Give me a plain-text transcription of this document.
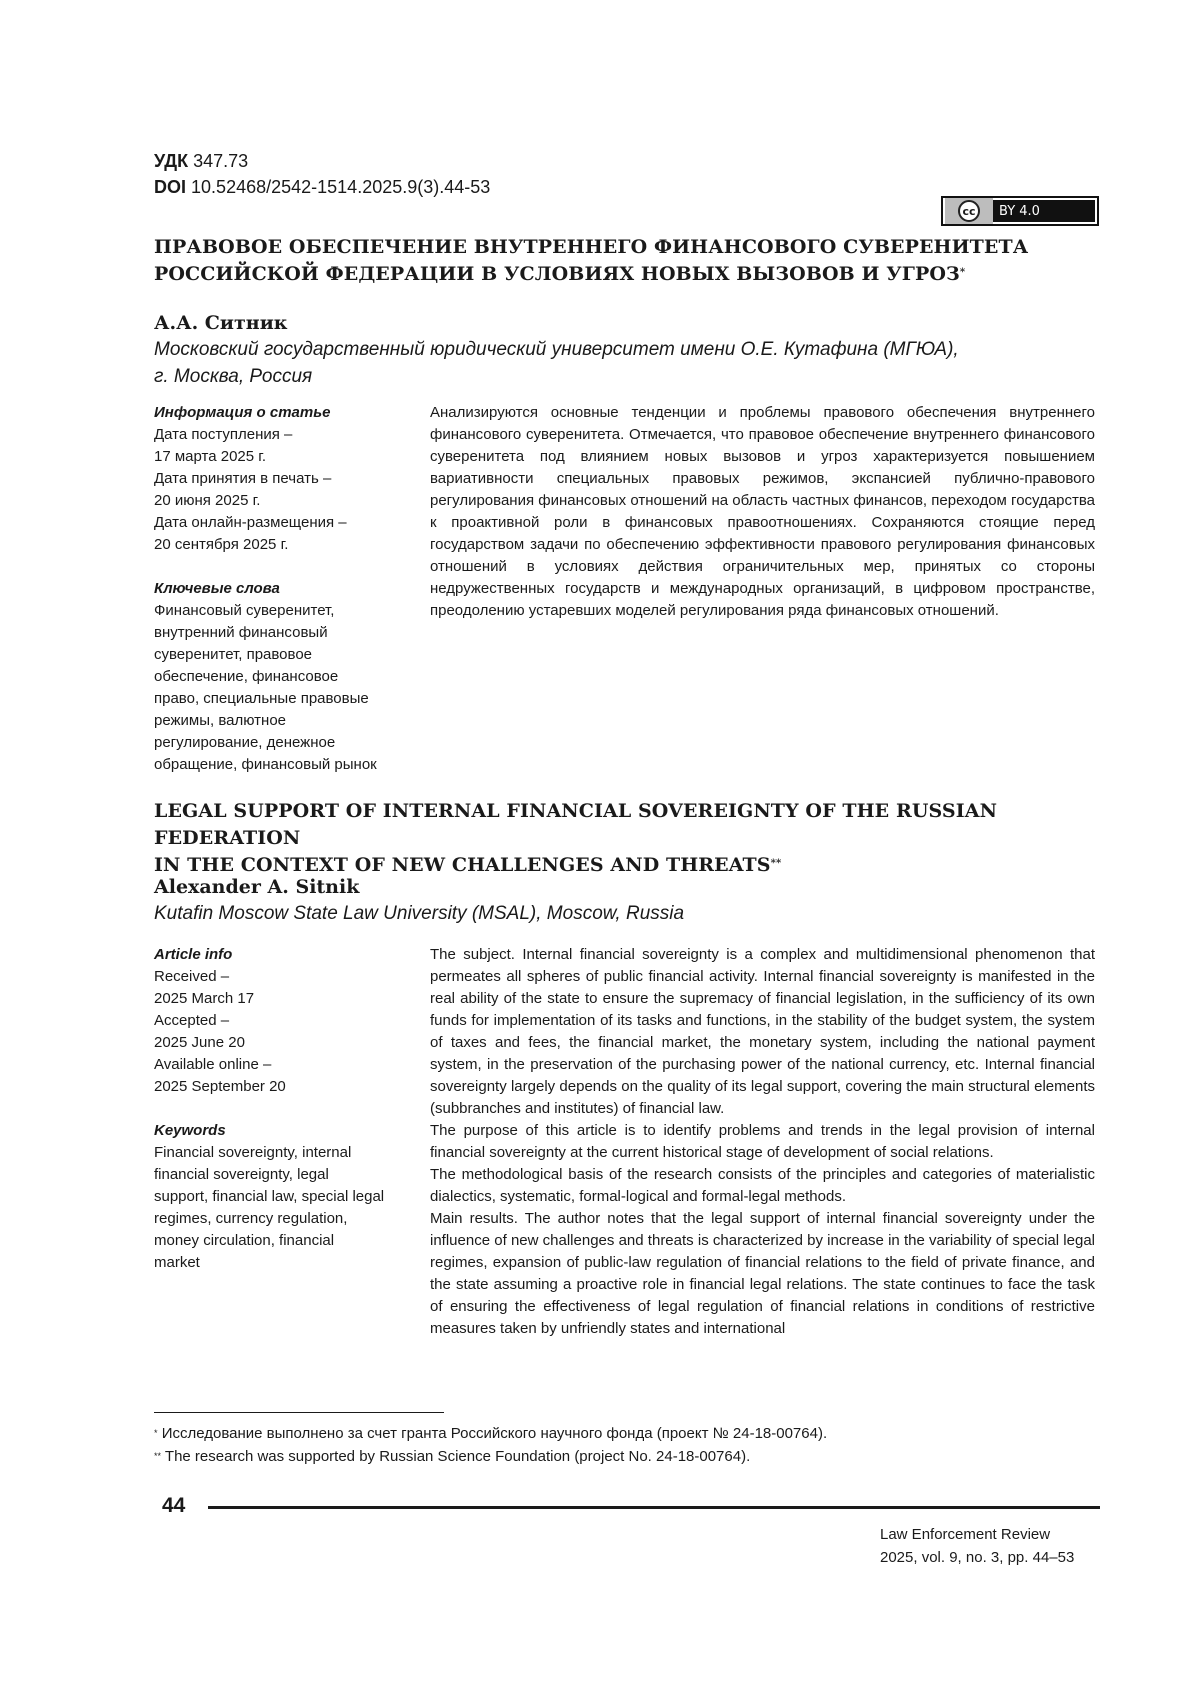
УДК 347.73
DOI 10.52468/2542-1514.2025.9(3).44-53
cc	BY 4.0
ПРАВОВОЕ ОБЕСПЕЧЕНИЕ ВНУТРЕННЕГО ФИНАНСОВОГО СУВЕРЕНИТЕТА
РОССИЙСКОЙ ФЕДЕРАЦИИ В УСЛОВИЯХ НОВЫХ ВЫЗОВОВ И УГРОЗ*
А.А. Ситник
Московский государственный юридический университет имени О.Е. Кутафина (МГЮА),
г. Москва, Россия
Информация о статье
Дата поступления –
17 марта 2025 г.
Дата принятия в печать –
20 июня 2025 г.
Дата онлайн-размещения –
20 сентября 2025 г.
Ключевые слова
Финансовый суверенитет,
внутренний финансовый
суверенитет, правовое
обеспечение, финансовое
право, специальные правовые
режимы, валютное
регулирование, денежное
обращение, финансовый рынок

Анализируются основные тенденции и проблемы правового обеспечения внутреннего финансового суверенитета. Отмечается, что правовое обеспечение внутреннего финансового суверенитета под влиянием новых вызовов и угроз характеризуется повышением вариативности специальных правовых режимов, экспансией публично-правового регулирования финансовых отношений на область частных финансов, переходом государства к проактивной роли в финансовых правоотношениях. Сохраняются стоящие перед государством задачи по обеспечению эффективности правового регулирования финансовых отношений в условиях действия ограничительных мер, принятых со стороны недружественных государств и международных организаций, в цифровом пространстве, преодолению устаревших моделей регулирования ряда финансовых отношений.

LEGAL SUPPORT OF INTERNAL FINANCIAL SOVEREIGNTY OF THE RUSSIAN FEDERATION
IN THE CONTEXT OF NEW CHALLENGES AND THREATS**
Alexander A. Sitnik
Kutafin Moscow State Law University (MSAL), Moscow, Russia
Article info
Received –
2025 March 17
Accepted –
2025 June 20
Available online –
2025 September 20
Keywords
Financial sovereignty, internal
financial sovereignty, legal
support, financial law, special legal
regimes, currency regulation,
money circulation, financial
market

The subject. Internal financial sovereignty is a complex and multidimensional phenomenon that permeates all spheres of public financial activity. Internal financial sovereignty is manifested in the real ability of the state to ensure the supremacy of financial legislation, in the sufficiency of its own funds for implementation of its tasks and functions, in the stability of the budget system, the system of taxes and fees, the financial market, the monetary system, including the national payment system, in the preservation of the purchasing power of the national currency, etc. Internal financial sovereignty largely depends on the quality of its legal support, covering the main structural elements (subbranches and institutes) of financial law.

The purpose of this article is to identify problems and trends in the legal provision of internal financial sovereignty at the current historical stage of development of social relations.

The methodological basis of the research consists of the principles and categories of materialistic dialectics, systematic, formal-logical and formal-legal methods.

Main results. The author notes that the legal support of internal financial sovereignty under the influence of new challenges and threats is characterized by increase in the variability of special legal regimes, expansion of public-law regulation of financial relations to the field of private finance, and the state assuming a proactive role in financial legal relations. The state continues to face the task of ensuring the effectiveness of legal regulation of financial relations in conditions of restrictive measures taken by unfriendly states and international

* Исследование выполнено за счет гранта Российского научного фонда (проект № 24-18-00764).
** The research was supported by Russian Science Foundation (project No. 24-18-00764).
44
Law Enforcement Review
2025, vol. 9, no. 3, pp. 44–53
